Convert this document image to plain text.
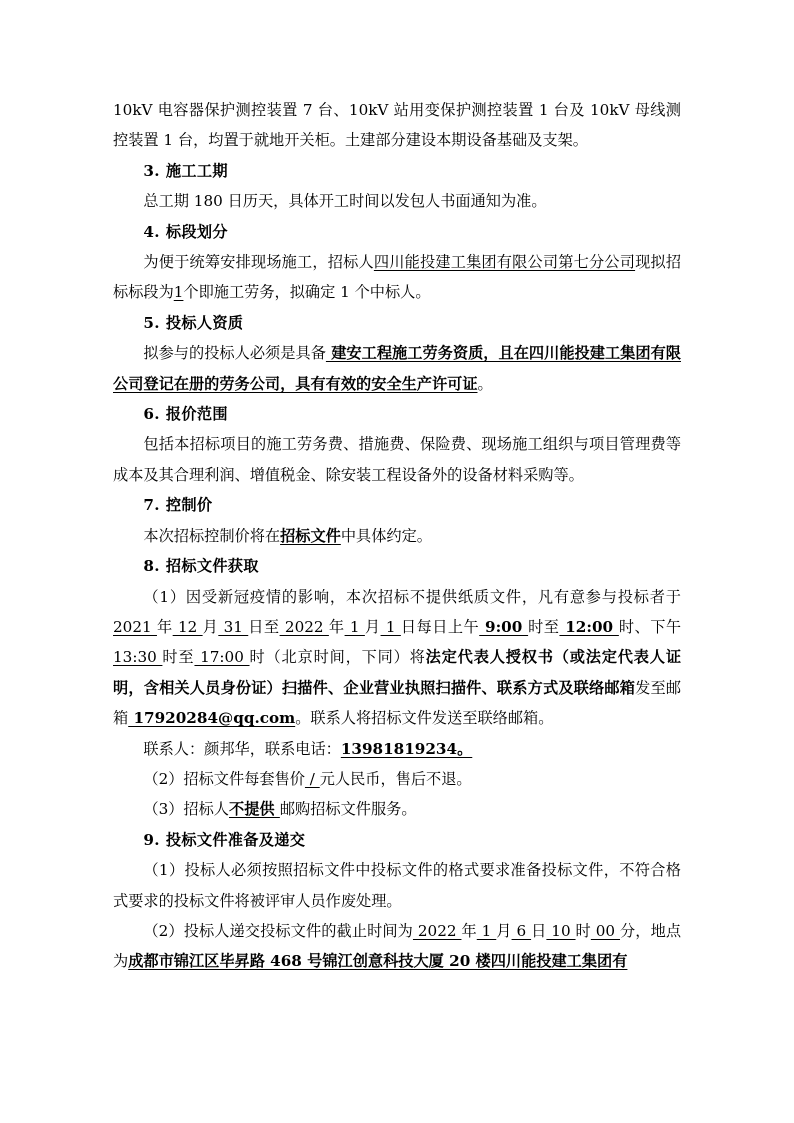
10kV 电容器保护测控装置 7 台、10kV 站用变保护测控装置 1 台及 10kV 母线测控装置 1 台，均置于就地开关柜。土建部分建设本期设备基础及支架。

3. 施工工期

总工期 180 日历天，具体开工时间以发包人书面通知为准。

4. 标段划分

为便于统筹安排现场施工，招标人四川能投建工集团有限公司第七分公司现拟招标标段为1个即施工劳务，拟确定 1 个中标人。

5. 投标人资质

拟参与的投标人必须是具备 建安工程施工劳务资质，且在四川能投建工集团有限公司登记在册的劳务公司，具有有效的安全生产许可证。

6. 报价范围

包括本招标项目的施工劳务费、措施费、保险费、现场施工组织与项目管理费等成本及其合理利润、增值税金、除安装工程设备外的设备材料采购等。

7. 控制价

本次招标控制价将在招标文件中具体约定。

8. 招标文件获取

（1）因受新冠疫情的影响，本次招标不提供纸质文件，凡有意参与投标者于 2021 年 12 月 31 日至 2022 年 1 月 1 日每日上午 9:00 时至 12:00 时、下午 13:30 时至 17:00 时（北京时间，下同）将法定代表人授权书（或法定代表人证明，含相关人员身份证）扫描件、企业营业执照扫描件、联系方式及联络邮箱发至邮箱 17920284@qq.com。联系人将招标文件发送至联络邮箱。

联系人：颜邦华，联系电话：13981819234。

（2）招标文件每套售价 / 元人民币，售后不退。

（3）招标人不提供 邮购招标文件服务。

9. 投标文件准备及递交

（1）投标人必须按照招标文件中投标文件的格式要求准备投标文件，不符合格式要求的投标文件将被评审人员作废处理。

（2）投标人递交投标文件的截止时间为 2022 年 1 月 6 日 10 时 00 分，地点为成都市锦江区毕昇路 468 号锦江创意科技大厦 20 楼四川能投建工集团有
